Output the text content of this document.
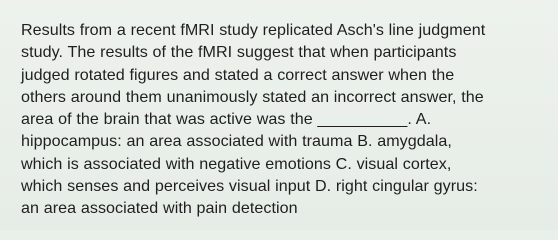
Results from a recent fMRI study replicated Asch's line judgment
study. The results of the fMRI suggest that when participants
judged rotated figures and stated a correct answer when the
others around them unanimously stated an incorrect answer, the
area of the brain that was active was the __________. A.
hippocampus: an area associated with trauma B. amygdala,
which is associated with negative emotions C. visual cortex,
which senses and perceives visual input D. right cingular gyrus:
an area associated with pain detection
